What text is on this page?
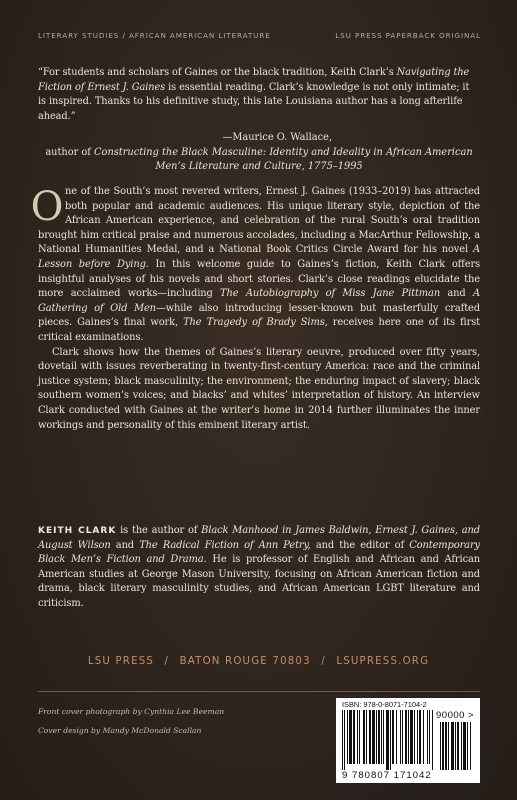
LITERARY STUDIES / AFRICAN AMERICAN LITERATURE	LSU PRESS PAPERBACK ORIGINAL

“For students and scholars of Gaines or the black tradition, Keith Clark’s Navigating the Fiction of Ernest J. Gaines is essential reading. Clark’s knowledge is not only intimate; it is inspired. Thanks to his definitive study, this late Louisiana author has a long afterlife ahead.”

—Maurice O. Wallace,
author of Constructing the Black Masculine: Identity and Ideality in African American Men’s Literature and Culture, 1775–1995

One of the South’s most revered writers, Ernest J. Gaines (1933–2019) has attracted both popular and academic audiences. His unique literary style, depiction of the African American experience, and celebration of the rural South’s oral tradition brought him critical praise and numerous accolades, including a MacArthur Fellowship, a National Humanities Medal, and a National Book Critics Circle Award for his novel A Lesson before Dying. In this welcome guide to Gaines’s fiction, Keith Clark offers insightful analyses of his novels and short stories. Clark’s close readings elucidate the more acclaimed works—including The Autobiography of Miss Jane Pittman and A Gathering of Old Men—while also introducing lesser-known but masterfully crafted pieces. Gaines’s final work, The Tragedy of Brady Sims, receives here one of its first critical examinations.

Clark shows how the themes of Gaines’s literary oeuvre, produced over fifty years, dovetail with issues reverberating in twenty-first-century America: race and the criminal justice system; black masculinity; the environment; the enduring impact of slavery; black southern women’s voices; and blacks’ and whites’ interpretation of history. An interview Clark conducted with Gaines at the writer’s home in 2014 further illuminates the inner workings and personality of this eminent literary artist.

KEITH CLARK is the author of Black Manhood in James Baldwin, Ernest J. Gaines, and August Wilson and The Radical Fiction of Ann Petry, and the editor of Contemporary Black Men’s Fiction and Drama. He is professor of English and African and African American studies at George Mason University, focusing on African American fiction and drama, black literary masculinity studies, and African American LGBT literature and criticism.

LSU PRESS / BATON ROUGE 70803 / LSUPRESS.ORG
Front cover photograph by Cynthia Lee Beeman
Cover design by Mandy McDonald Scallan
ISBN: 978-0-8071-7104-2
90000 >
9 780807 171042
